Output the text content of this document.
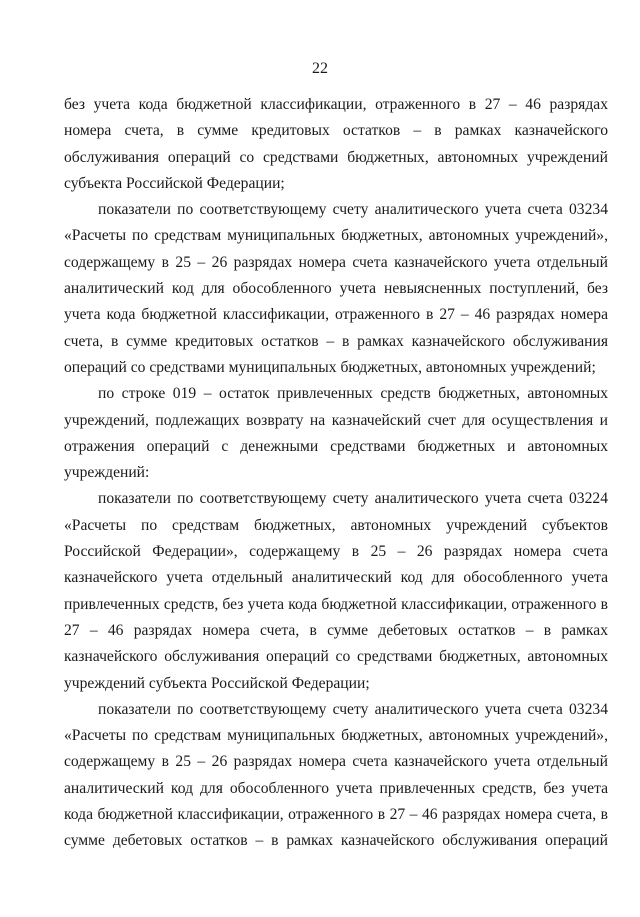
22

без учета кода бюджетной классификации, отраженного в 27 – 46 разрядах номера счета, в сумме кредитовых остатков – в рамках казначейского обслуживания операций со средствами бюджетных, автономных учреждений субъекта Российской Федерации;

показатели по соответствующему счету аналитического учета счета 03234 «Расчеты по средствам муниципальных бюджетных, автономных учреждений», содержащему в 25 – 26 разрядах номера счета казначейского учета отдельный аналитический код для обособленного учета невыясненных поступлений, без учета кода бюджетной классификации, отраженного в 27 – 46 разрядах номера счета, в сумме кредитовых остатков – в рамках казначейского обслуживания операций со средствами муниципальных бюджетных, автономных учреждений;

по строке 019 – остаток привлеченных средств бюджетных, автономных учреждений, подлежащих возврату на казначейский счет для осуществления и отражения операций с денежными средствами бюджетных и автономных учреждений:

показатели по соответствующему счету аналитического учета счета 03224 «Расчеты по средствам бюджетных, автономных учреждений субъектов Российской Федерации», содержащему в 25 – 26 разрядах номера счета казначейского учета отдельный аналитический код для обособленного учета привлеченных средств, без учета кода бюджетной классификации, отраженного в 27 – 46 разрядах номера счета, в сумме дебетовых остатков – в рамках казначейского обслуживания операций со средствами бюджетных, автономных учреждений субъекта Российской Федерации;

показатели по соответствующему счету аналитического учета счета 03234 «Расчеты по средствам муниципальных бюджетных, автономных учреждений», содержащему в 25 – 26 разрядах номера счета казначейского учета отдельный аналитический код для обособленного учета привлеченных средств, без учета кода бюджетной классификации, отраженного в 27 – 46 разрядах номера счета, в сумме дебетовых остатков – в рамках казначейского обслуживания операций
